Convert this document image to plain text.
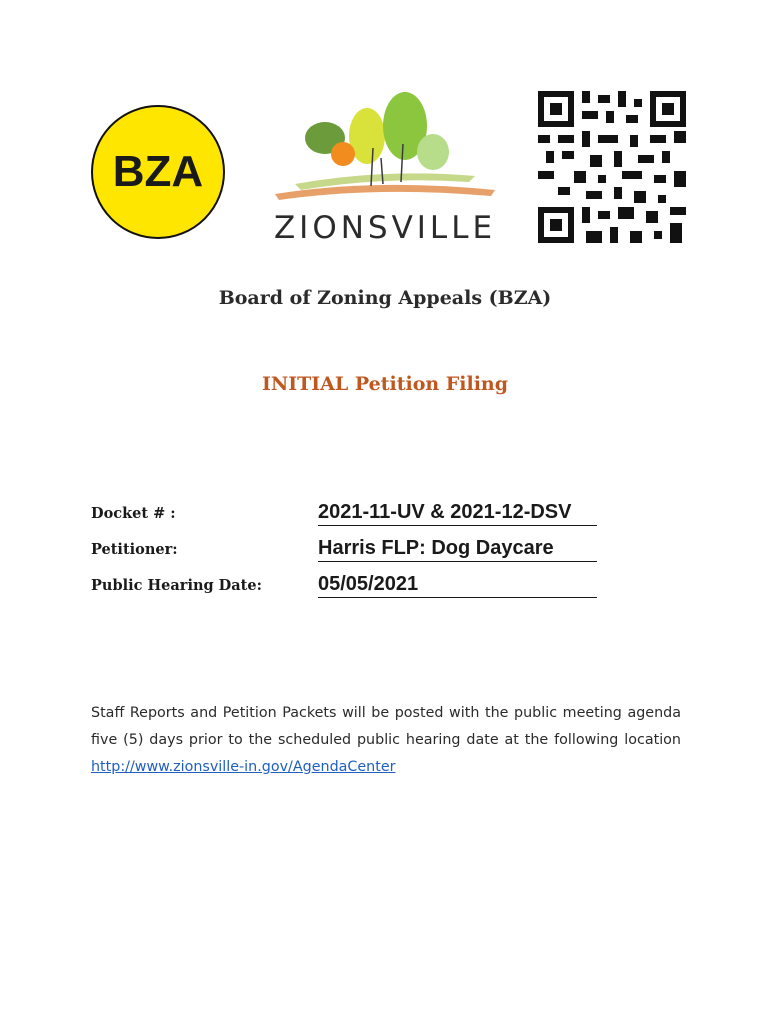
BZA
ZIONSVILLE
Board of Zoning Appeals (BZA)
INITIAL Petition Filing
Docket # :	2021-11-UV & 2021-12-DSV
Petitioner:	Harris FLP: Dog Daycare
Public Hearing Date:	05/05/2021
Staff Reports and Petition Packets will be posted with the public meeting agenda five (5) days prior to the scheduled public hearing date at the following location http://www.zionsville-in.gov/AgendaCenter
